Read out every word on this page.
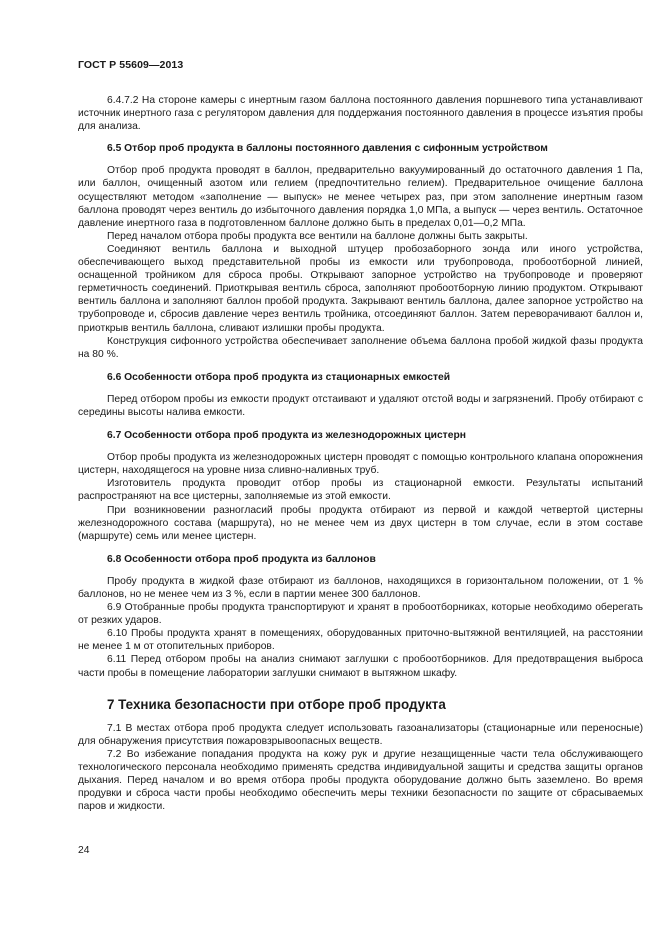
ГОСТ Р 55609—2013

6.4.7.2 На стороне камеры с инертным газом баллона постоянного давления поршневого типа устанавливают источник инертного газа с регулятором давления для поддержания постоянного давления в процессе изъятия пробы для анализа.

6.5 Отбор проб продукта в баллоны постоянного давления с сифонным устройством

Отбор проб продукта проводят в баллон, предварительно вакуумированный до остаточного давления 1 Па, или баллон, очищенный азотом или гелием (предпочтительно гелием). Предварительное очищение баллона осуществляют методом «заполнение — выпуск» не менее четырех раз, при этом заполнение инертным газом баллона проводят через вентиль до избыточного давления порядка 1,0 МПа, а выпуск — через вентиль. Остаточное давление инертного газа в подготовленном баллоне должно быть в пределах 0,01—0,2 МПа.

Перед началом отбора пробы продукта все вентили на баллоне должны быть закрыты.

Соединяют вентиль баллона и выходной штуцер пробозаборного зонда или иного устройства, обеспечивающего выход представительной пробы из емкости или трубопровода, пробоотборной линией, оснащенной тройником для сброса пробы. Открывают запорное устройство на трубопроводе и проверяют герметичность соединений. Приоткрывая вентиль сброса, заполняют пробоотборную линию продуктом. Открывают вентиль баллона и заполняют баллон пробой продукта. Закрывают вентиль баллона, далее запорное устройство на трубопроводе и, сбросив давление через вентиль тройника, отсоединяют баллон. Затем переворачивают баллон и, приоткрыв вентиль баллона, сливают излишки пробы продукта.

Конструкция сифонного устройства обеспечивает заполнение объема баллона пробой жидкой фазы продукта на 80 %.

6.6 Особенности отбора проб продукта из стационарных емкостей

Перед отбором пробы из емкости продукт отстаивают и удаляют отстой воды и загрязнений. Пробу отбирают с середины высоты налива емкости.

6.7 Особенности отбора проб продукта из железнодорожных цистерн

Отбор пробы продукта из железнодорожных цистерн проводят с помощью контрольного клапана опорожнения цистерн, находящегося на уровне низа сливно-наливных труб.

Изготовитель продукта проводит отбор пробы из стационарной емкости. Результаты испытаний распространяют на все цистерны, заполняемые из этой емкости.

При возникновении разногласий пробы продукта отбирают из первой и каждой четвертой цистерны железнодорожного состава (маршрута), но не менее чем из двух цистерн в том случае, если в этом составе (маршруте) семь или менее цистерн.

6.8 Особенности отбора проб продукта из баллонов

Пробу продукта в жидкой фазе отбирают из баллонов, находящихся в горизонтальном положении, от 1 % баллонов, но не менее чем из 3 %, если в партии менее 300 баллонов.

6.9 Отобранные пробы продукта транспортируют и хранят в пробоотборниках, которые необходимо оберегать от резких ударов.

6.10 Пробы продукта хранят в помещениях, оборудованных приточно-вытяжной вентиляцией, на расстоянии не менее 1 м от отопительных приборов.

6.11 Перед отбором пробы на анализ снимают заглушки с пробоотборников. Для предотвращения выброса части пробы в помещение лаборатории заглушки снимают в вытяжном шкафу.

7 Техника безопасности при отборе проб продукта

7.1 В местах отбора проб продукта следует использовать газоанализаторы (стационарные или переносные) для обнаружения присутствия пожаровзрывоопасных веществ.

7.2 Во избежание попадания продукта на кожу рук и другие незащищенные части тела обслуживающего технологического персонала необходимо применять средства индивидуальной защиты и средства защиты органов дыхания. Перед началом и во время отбора пробы продукта оборудование должно быть заземлено. Во время продувки и сброса части пробы необходимо обеспечить меры техники безопасности по защите от сбрасываемых паров и жидкости.

24
